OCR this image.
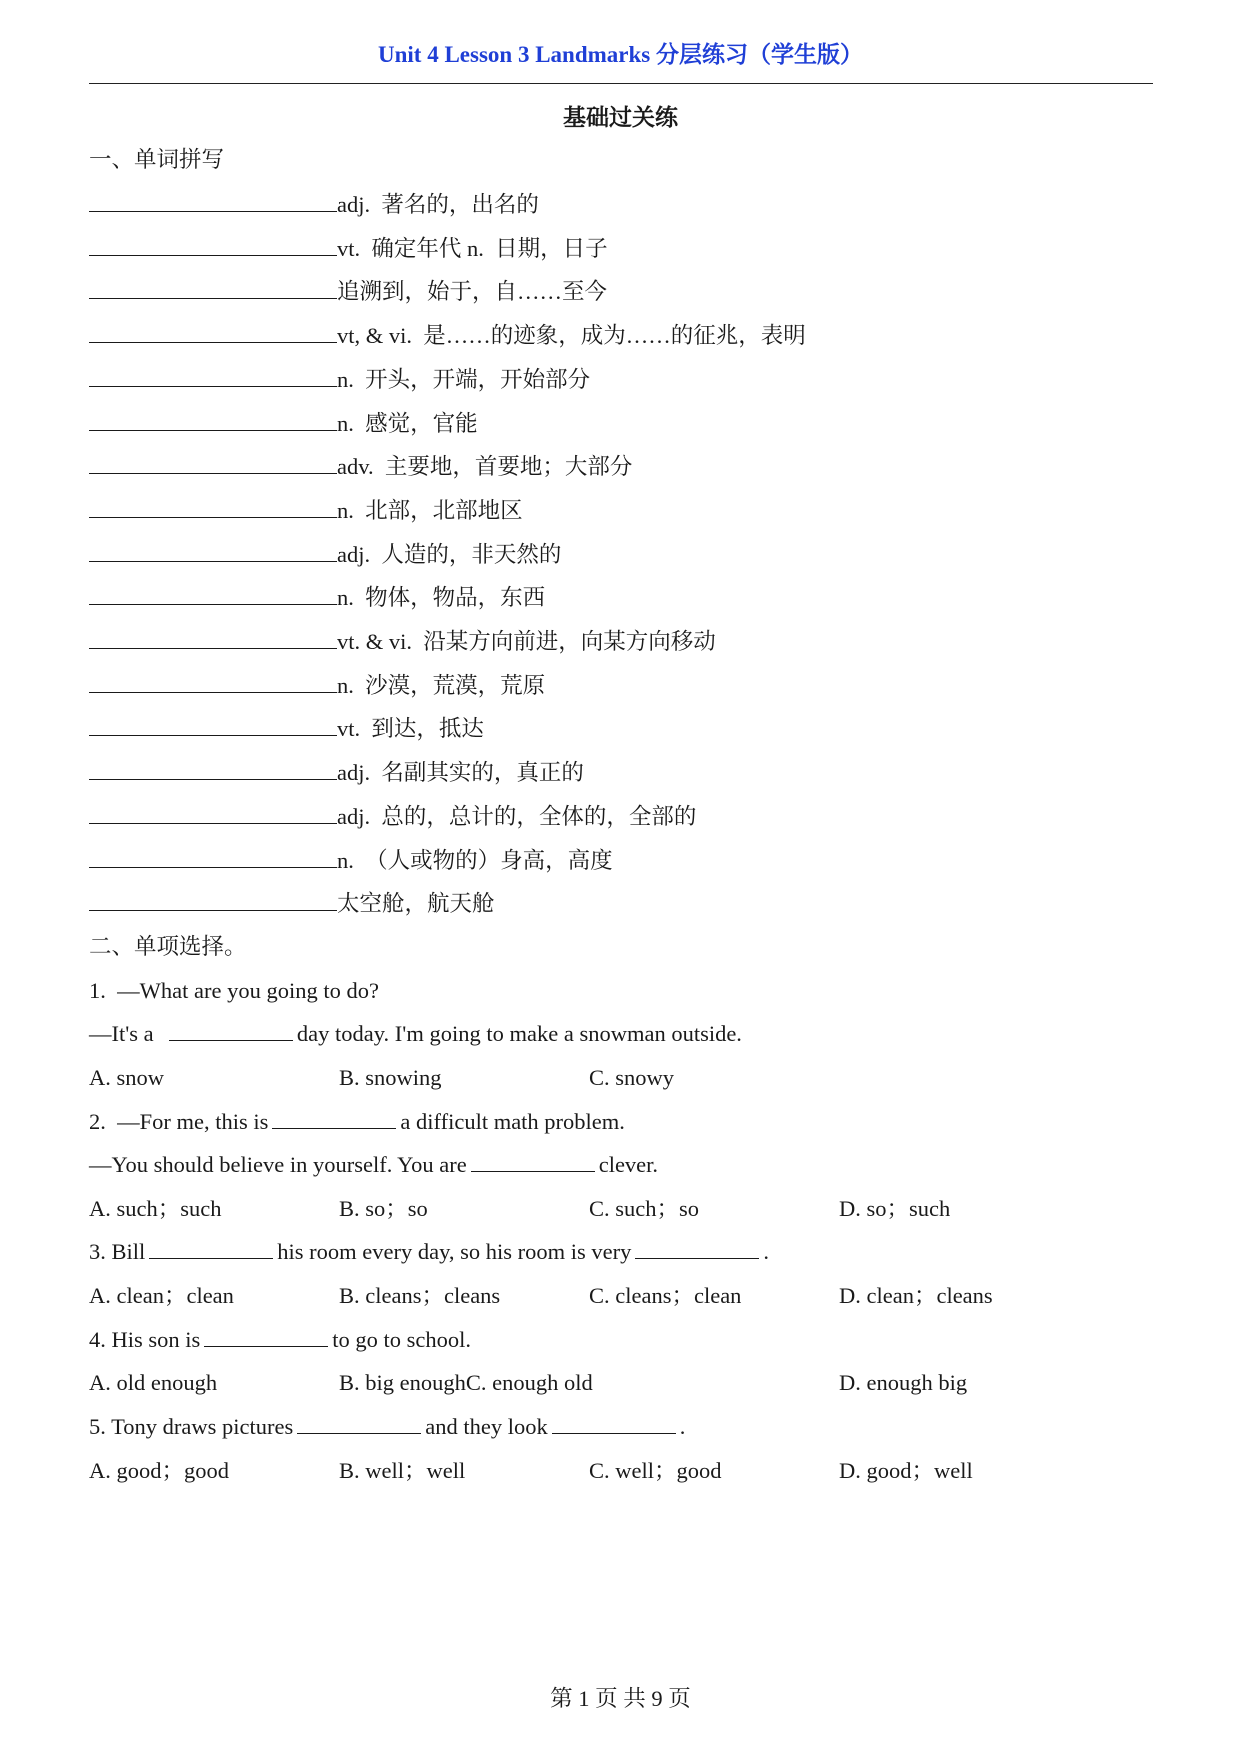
Unit 4 Lesson 3 Landmarks 分层练习（学生版）
基础过关练
一、单词拼写
adj.  著名的，出名的
vt.  确定年代 n.  日期，日子
追溯到，始于，自……至今
vt, & vi.  是……的迹象，成为……的征兆，表明
n.  开头，开端，开始部分
n.  感觉，官能
adv.  主要地，首要地；大部分
n.  北部，北部地区
adj.  人造的，非天然的
n.  物体，物品，东西
vt. & vi.  沿某方向前进，向某方向移动
n.  沙漠，荒漠，荒原
vt.  到达，抵达
adj.  名副其实的，真正的
adj.  总的，总计的，全体的，全部的
n.  （人或物的）身高，高度
太空舱，航天舱
二、单项选择。
1.  —What are you going to do?
—It's a	day today. I'm going to make a snowman outside.

A. snow

	B. snowing

	C. snowy

2.  —For me, this is	a difficult math problem.
—You should believe in yourself. You are	clever.

A. such；such

	B. so；so

	C. such；so

	D. so；such

3. Bill	his room every day, so his room is very	.

A. clean；clean

	B. cleans；cleans

	C. cleans；clean

	D. clean；cleans

4. His son is	to go to school.

A. old enough

	B. big enoughC. enough old

	D. enough big

5. Tony draws pictures	and they look	.

A. good；good

	B. well；well

	C. well；good

	D. good；well

第 1 页 共 9 页
